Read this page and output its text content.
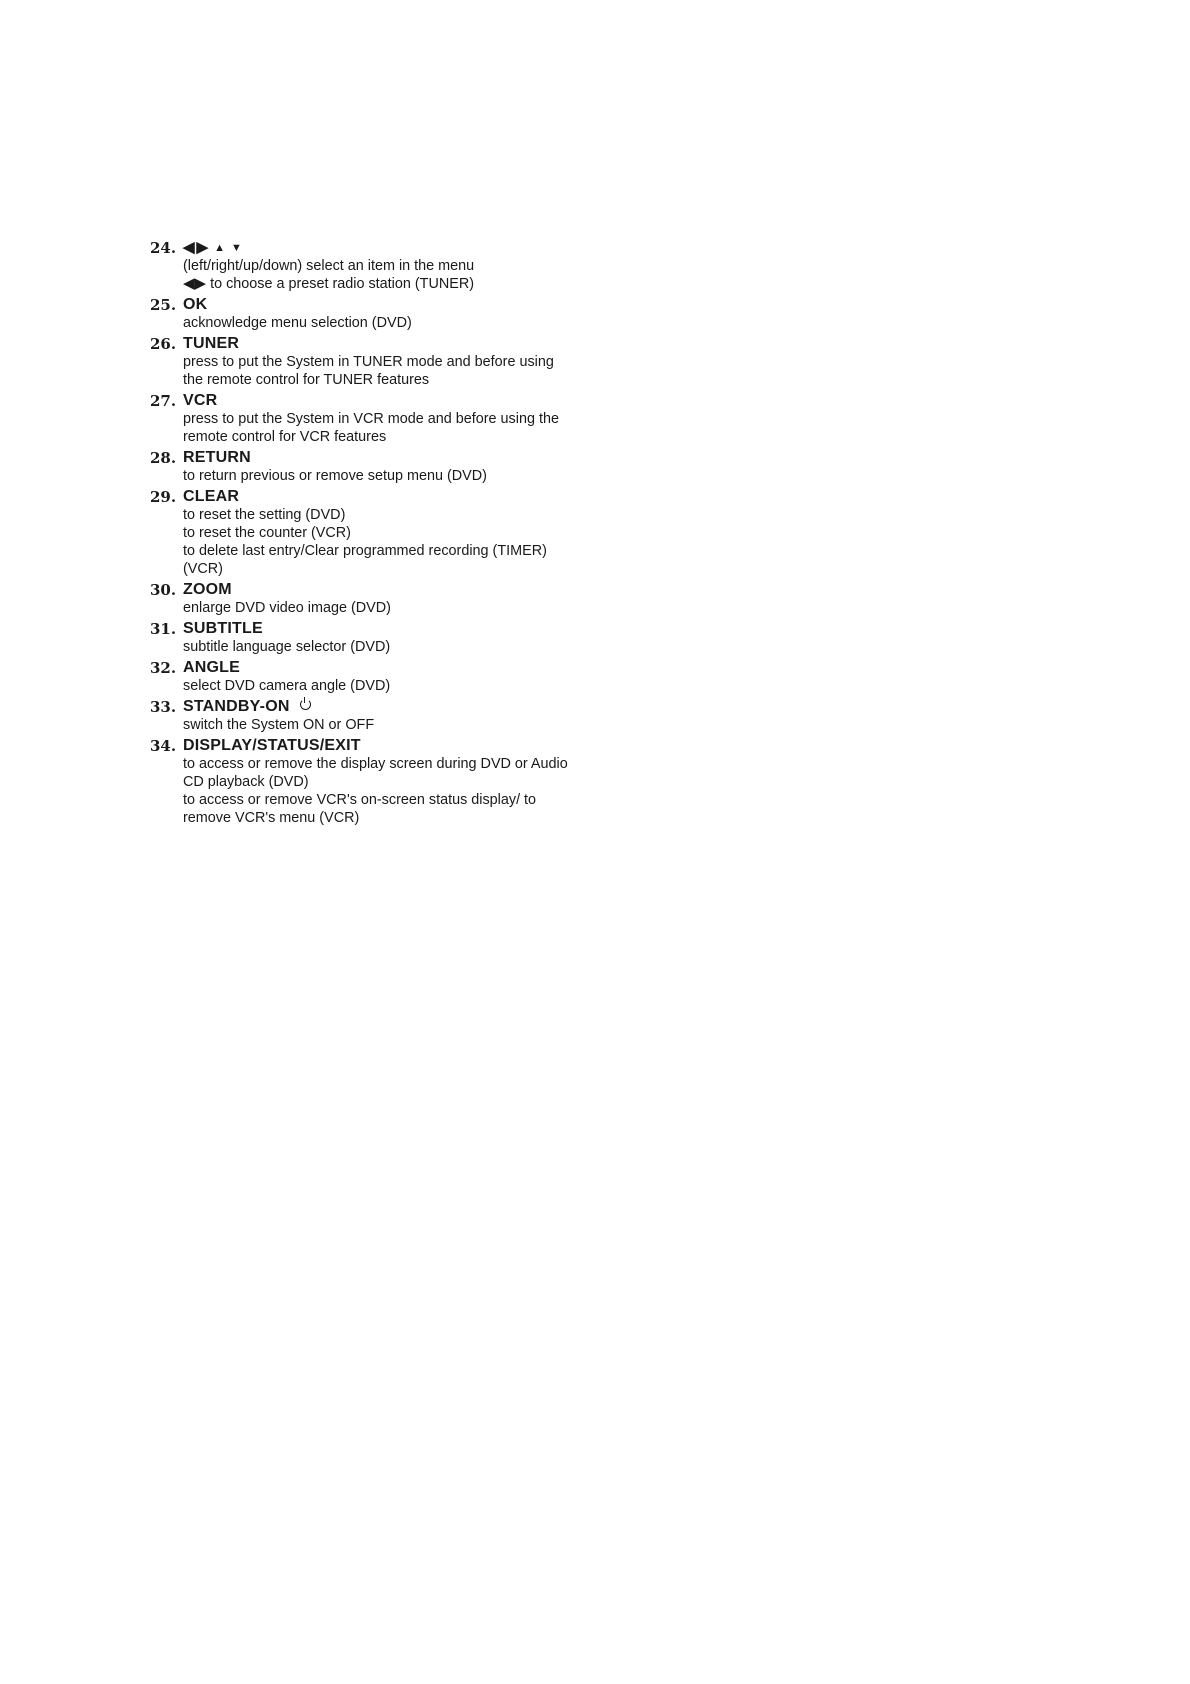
24. ◀▶ ▲ ▼
(left/right/up/down) select an item in the menu
◀▶ to choose a preset radio station (TUNER)
25. OK
acknowledge menu selection (DVD)
26. TUNER
press to put the System in TUNER mode and before using
the remote control for TUNER features
27. VCR
press to put the System in VCR mode and before using the
remote control for VCR features
28. RETURN
to return previous or remove setup menu (DVD)
29. CLEAR
to reset the setting (DVD)
to reset the counter (VCR)
to delete last entry/Clear programmed recording (TIMER)
(VCR)
30. ZOOM
enlarge DVD video image (DVD)
31. SUBTITLE
subtitle language selector (DVD)
32. ANGLE
select DVD camera angle (DVD)
33. STANDBY-ON
switch the System ON or OFF
34. DISPLAY/STATUS/EXIT
to access or remove the display screen during DVD or Audio
CD playback (DVD)
to access or remove VCR's on-screen status display/ to
remove VCR's menu (VCR)
